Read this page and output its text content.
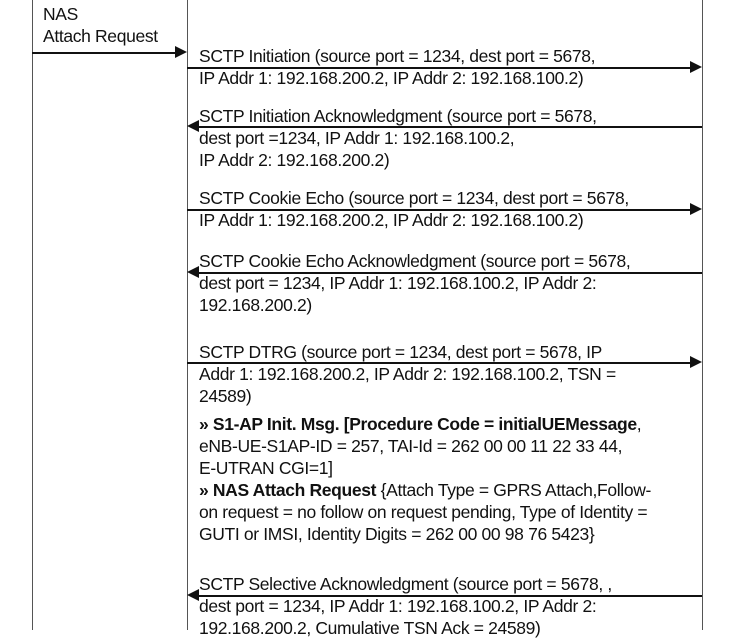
NAS
Attach Request
SCTP Initiation (source port = 1234, dest port = 5678,
IP Addr 1: 192.168.200.2, IP Addr 2: 192.168.100.2)
SCTP Initiation Acknowledgment (source port = 5678,
dest port =1234, IP Addr 1: 192.168.100.2,
IP Addr 2: 192.168.200.2)
SCTP Cookie Echo (source port = 1234, dest port = 5678,
IP Addr 1: 192.168.200.2, IP Addr 2: 192.168.100.2)
SCTP Cookie Echo Acknowledgment (source port = 5678,
dest port = 1234, IP Addr 1: 192.168.100.2, IP Addr 2:
192.168.200.2)
SCTP DTRG (source port = 1234, dest port = 5678, IP
Addr 1: 192.168.200.2, IP Addr 2: 192.168.100.2, TSN =
24589)
» S1-AP Init. Msg. [Procedure Code = initialUEMessage,
eNB-UE-S1AP-ID = 257, TAI-Id = 262 00 00 11 22 33 44,
E-UTRAN CGI=1]
» NAS Attach Request {Attach Type = GPRS Attach,Follow-
on request = no follow on request pending, Type of Identity =
GUTI or IMSI, Identity Digits = 262 00 00 98 76 5423}
SCTP Selective Acknowledgment (source port = 5678, ,
dest port = 1234, IP Addr 1: 192.168.100.2, IP Addr 2:
192.168.200.2, Cumulative TSN Ack = 24589)
